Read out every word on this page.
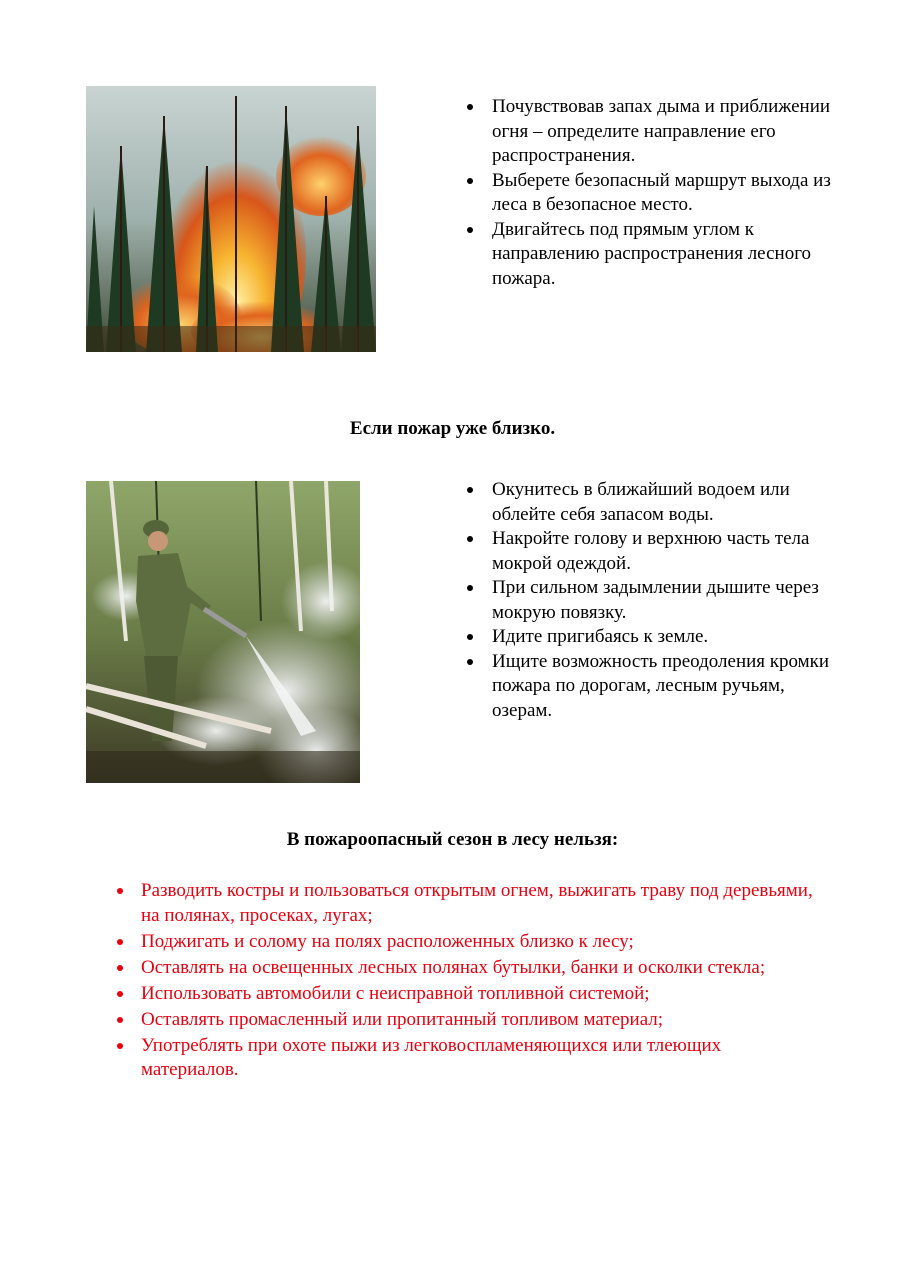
Почувствовав запах дыма и приближении огня – определите направление его распространения.
Выберете безопасный маршрут выхода из леса в безопасное место.
Двигайтесь под прямым углом к направлению распространения лесного пожара.
Если пожар уже близко.
Окунитесь в ближайший водоем или облейте себя запасом воды.
Накройте голову и верхнюю часть тела мокрой одеждой.
При сильном задымлении дышите через мокрую повязку.
Идите пригибаясь к земле.
Ищите возможность преодоления кромки пожара по дорогам, лесным ручьям, озерам.
В пожароопасный сезон в лесу нельзя:
Разводить костры и пользоваться открытым огнем, выжигать траву под деревьями, на полянах, просеках, лугах;
Поджигать и солому на полях расположенных близко к лесу;
Оставлять на освещенных лесных полянах бутылки, банки и осколки стекла;
Использовать автомобили с неисправной топливной системой;
Оставлять промасленный или пропитанный топливом материал;
Употреблять при охоте пыжи из легковоспламеняющихся или тлеющих материалов.
